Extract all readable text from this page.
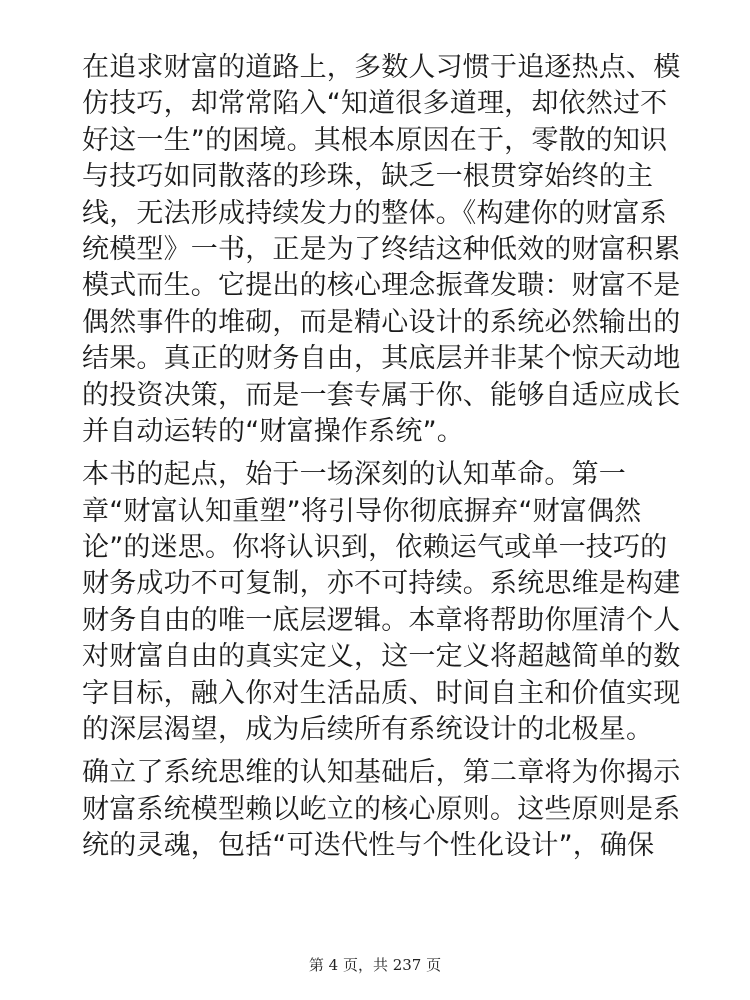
在追求财富的道路上，多数人习惯于追逐热点、模
仿技巧，却常常陷入“知道很多道理，却依然过不
好这一生”的困境。其根本原因在于，零散的知识
与技巧如同散落的珍珠，缺乏一根贯穿始终的主
线，无法形成持续发力的整体。《构建你的财富系
统模型》一书，正是为了终结这种低效的财富积累
模式而生。它提出的核心理念振聋发聩：财富不是
偶然事件的堆砌，而是精心设计的系统必然输出的
结果。真正的财务自由，其底层并非某个惊天动地
的投资决策，而是一套专属于你、能够自适应成长
并自动运转的“财富操作系统”。
本书的起点，始于一场深刻的认知革命。第一
章“财富认知重塑”将引导你彻底摒弃“财富偶然
论”的迷思。你将认识到，依赖运气或单一技巧的
财务成功不可复制，亦不可持续。系统思维是构建
财务自由的唯一底层逻辑。本章将帮助你厘清个人
对财富自由的真实定义，这一定义将超越简单的数
字目标，融入你对生活品质、时间自主和价值实现
的深层渴望，成为后续所有系统设计的北极星。
确立了系统思维的认知基础后，第二章将为你揭示
财富系统模型赖以屹立的核心原则。这些原则是系
统的灵魂，包括“可迭代性与个性化设计”，确保
第 4 页，共 237 页
